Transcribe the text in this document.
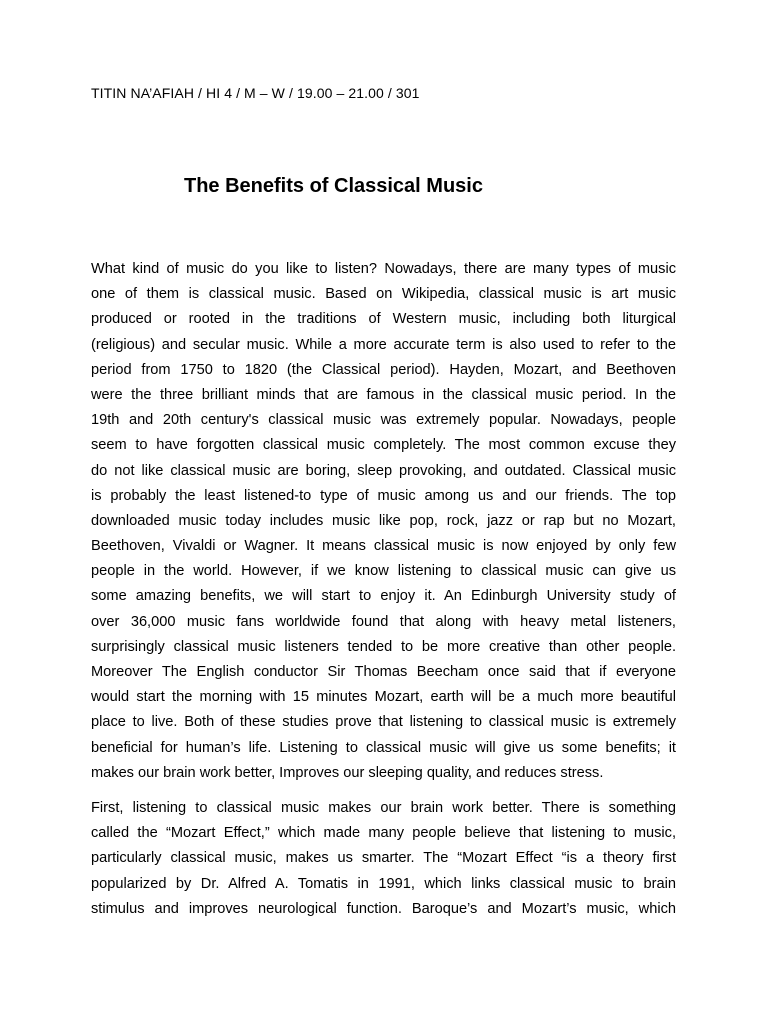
TITIN NA’AFIAH / HI 4 / M – W / 19.00 – 21.00 / 301
The Benefits of Classical Music
What kind of music do you like to listen? Nowadays, there are many types of music
one of them is classical music. Based on Wikipedia, classical music is art music
produced or rooted in the traditions of Western music, including both liturgical
(religious) and secular music. While a more accurate term is also used to refer to the
period from 1750 to 1820 (the Classical period). Hayden, Mozart, and Beethoven
were the three brilliant minds that are famous in the classical music period. In the
19th and 20th century's classical music was extremely popular. Nowadays, people
seem to have forgotten classical music completely. The most common excuse they
do not like classical music are boring, sleep provoking, and outdated. Classical music
is probably the least listened-to type of music among us and our friends. The top
downloaded music today includes music like pop, rock, jazz or rap but no Mozart,
Beethoven, Vivaldi or Wagner. It means classical music is now enjoyed by only few
people in the world. However, if we know listening to classical music can give us
some amazing benefits, we will start to enjoy it. An Edinburgh University study of
over 36,000 music fans worldwide found that along with heavy metal listeners,
surprisingly classical music listeners tended to be more creative than other people.
Moreover The English conductor Sir Thomas Beecham once said that if everyone
would start the morning with 15 minutes Mozart, earth will be a much more beautiful
place to live. Both of these studies prove that listening to classical music is extremely
beneficial for human’s life. Listening to classical music will give us some benefits; it
makes our brain work better, Improves our sleeping quality, and reduces stress.
First, listening to classical music makes our brain work better. There is something
called the “Mozart Effect,” which made many people believe that listening to music,
particularly classical music, makes us smarter. The “Mozart Effect “is a theory first
popularized by Dr. Alfred A. Tomatis in 1991, which links classical music to brain
stimulus and improves neurological function. Baroque’s and Mozart’s music, which
